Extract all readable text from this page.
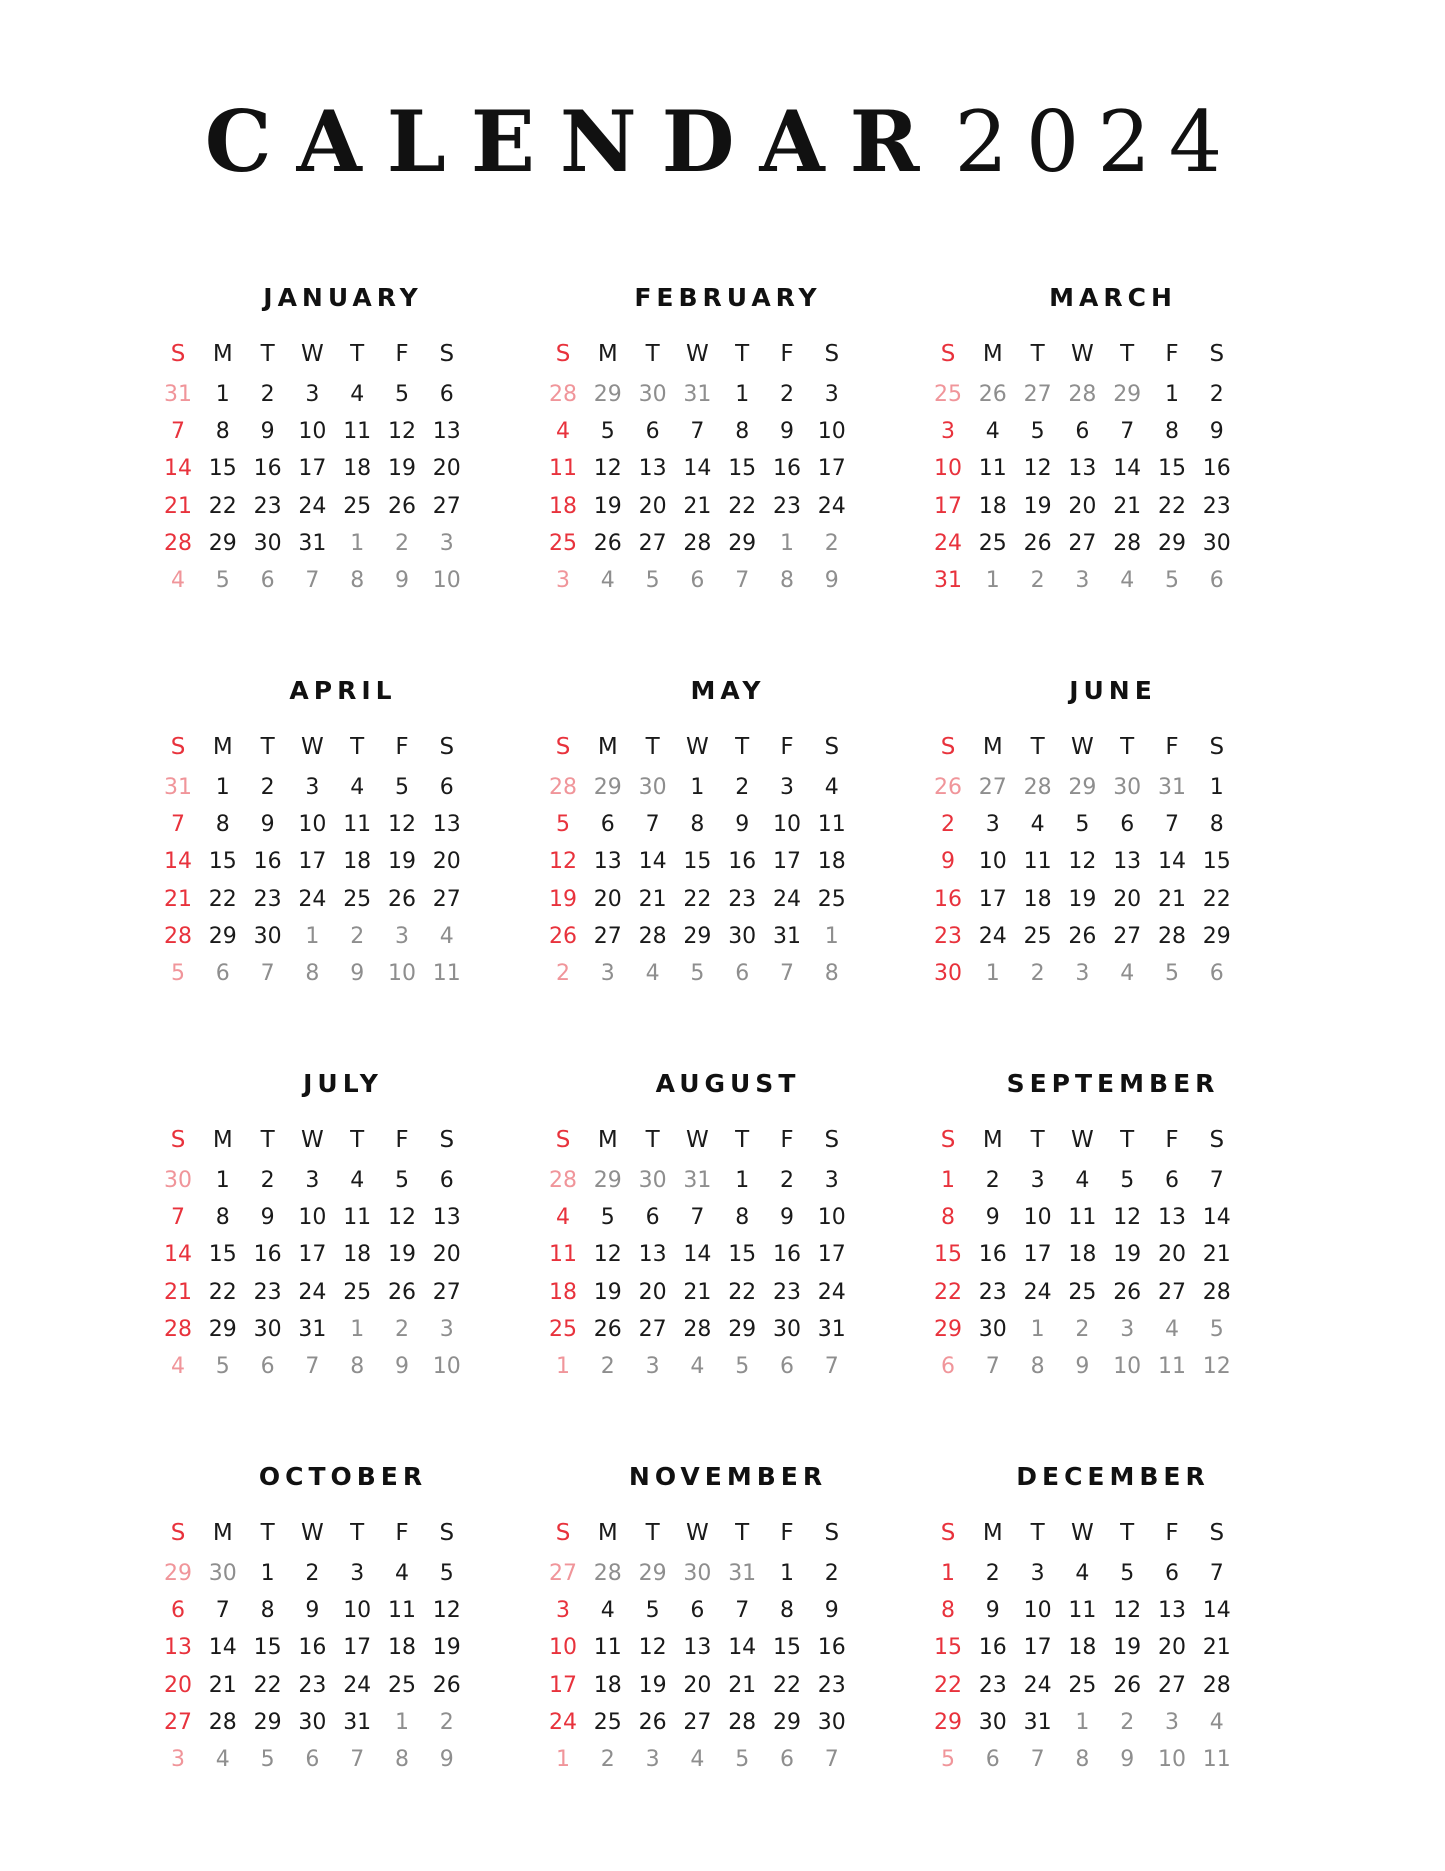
CALENDAR 2024
JANUARY
S	M	T	W	T	F	S
31	1	2	3	4	5	6
7	8	9	10 11 12 13
14 15 16 17 18 19 20
21 22 23 24 25 26 27
28 29 30 31	1	2	3
4	5	6	7	8	9	10
FEBRUARY
S	M	T	W	T	F	S
28 29 30 31	1	2	3
4	5	6	7	8	9	10
11 12 13 14 15 16 17
18 19 20 21 22 23 24
25 26 27 28 29	1	2
3	4	5	6	7	8	9
MARCH
S	M	T	W	T	F	S
25 26 27 28 29	1	2
3	4	5	6	7	8	9
10 11 12 13 14 15 16
17 18 19 20 21 22 23
24 25 26 27 28 29 30
31	1	2	3	4	5	6
APRIL
S	M	T	W	T	F	S
31	1	2	3	4	5	6
7	8	9	10 11 12 13
14 15 16 17 18 19 20
21 22 23 24 25 26 27
28 29 30	1	2	3	4
5	6	7	8	9	10 11
MAY
S	M	T	W	T	F	S
28 29 30	1	2	3	4
5	6	7	8	9	10 11
12 13 14 15 16 17 18
19 20 21 22 23 24 25
26 27 28 29 30 31	1
2	3	4	5	6	7	8
JUNE
S	M	T	W	T	F	S
26 27 28 29 30 31	1
2	3	4	5	6	7	8
9	10 11 12 13 14 15
16 17 18 19 20 21 22
23 24 25 26 27 28 29
30	1	2	3	4	5	6
JULY
S	M	T	W	T	F	S
30	1	2	3	4	5	6
7	8	9	10 11 12 13
14 15 16 17 18 19 20
21 22 23 24 25 26 27
28 29 30 31	1	2	3
4	5	6	7	8	9	10
AUGUST
S	M	T	W	T	F	S
28 29 30 31	1	2	3
4	5	6	7	8	9	10
11 12 13 14 15 16 17
18 19 20 21 22 23 24
25 26 27 28 29 30 31
1	2	3	4	5	6	7
SEPTEMBER
S	M	T	W	T	F	S
1	2	3	4	5	6	7
8	9	10 11 12 13 14
15 16 17 18 19 20 21
22 23 24 25 26 27 28
29 30	1	2	3	4	5
6	7	8	9	10 11 12
OCTOBER
S	M	T	W	T	F	S
29 30	1	2	3	4	5
6	7	8	9	10 11 12
13 14 15 16 17 18 19
20 21 22 23 24 25 26
27 28 29 30 31	1	2
3	4	5	6	7	8	9
NOVEMBER
S	M	T	W	T	F	S
27 28 29 30 31	1	2
3	4	5	6	7	8	9
10 11 12 13 14 15 16
17 18 19 20 21 22 23
24 25 26 27 28 29 30
1	2	3	4	5	6	7
DECEMBER
S	M	T	W	T	F	S
1	2	3	4	5	6	7
8	9	10 11 12 13 14
15 16 17 18 19 20 21
22 23 24 25 26 27 28
29 30 31	1	2	3	4
5	6	7	8	9	10 11
